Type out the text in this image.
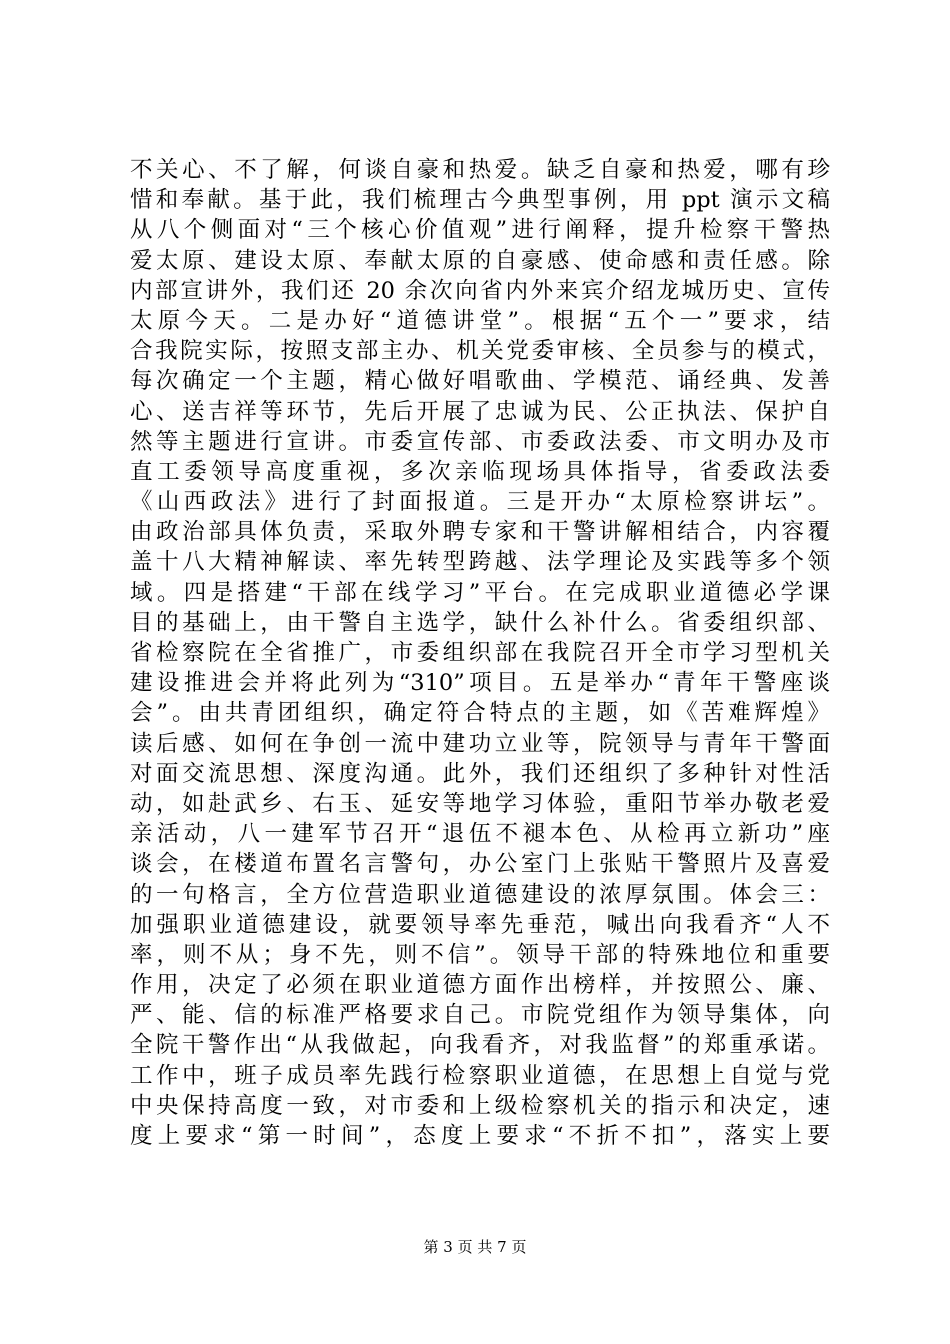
不关心、不了解，何谈自豪和热爱。缺乏自豪和热爱，哪有珍
惜和奉献。基于此，我们梳理古今典型事例，用 ppt 演示文稿
从八个侧面对“三个核心价值观”进行阐释，提升检察干警热
爱太原、建设太原、奉献太原的自豪感、使命感和责任感。除
内部宣讲外，我们还 20 余次向省内外来宾介绍龙城历史、宣传
太原今天。二是办好“道德讲堂”。根据“五个一”要求，结
合我院实际，按照支部主办、机关党委审核、全员参与的模式，
每次确定一个主题，精心做好唱歌曲、学模范、诵经典、发善
心、送吉祥等环节，先后开展了忠诚为民、公正执法、保护自
然等主题进行宣讲。市委宣传部、市委政法委、市文明办及市
直工委领导高度重视，多次亲临现场具体指导，省委政法委
《山西政法》进行了封面报道。三是开办“太原检察讲坛”。
由政治部具体负责，采取外聘专家和干警讲解相结合，内容覆
盖十八大精神解读、率先转型跨越、法学理论及实践等多个领
域。四是搭建“干部在线学习”平台。在完成职业道德必学课
目的基础上，由干警自主选学，缺什么补什么。省委组织部、
省检察院在全省推广，市委组织部在我院召开全市学习型机关
建设推进会并将此列为“310”项目。五是举办“青年干警座谈
会”。由共青团组织，确定符合特点的主题，如《苦难辉煌》
读后感、如何在争创一流中建功立业等，院领导与青年干警面
对面交流思想、深度沟通。此外，我们还组织了多种针对性活
动，如赴武乡、右玉、延安等地学习体验，重阳节举办敬老爱
亲活动，八一建军节召开“退伍不褪本色、从检再立新功”座
谈会，在楼道布置名言警句，办公室门上张贴干警照片及喜爱
的一句格言，全方位营造职业道德建设的浓厚氛围。体会三：
加强职业道德建设，就要领导率先垂范，喊出向我看齐“人不
率，则不从；身不先，则不信”。领导干部的特殊地位和重要
作用，决定了必须在职业道德方面作出榜样，并按照公、廉、
严、能、信的标准严格要求自己。市院党组作为领导集体，向
全院干警作出“从我做起，向我看齐，对我监督”的郑重承诺。
工作中，班子成员率先践行检察职业道德，在思想上自觉与党
中央保持高度一致，对市委和上级检察机关的指示和决定，速
度上要求“第一时间”，态度上要求“不折不扣”，落实上要
第 3 页 共 7 页
